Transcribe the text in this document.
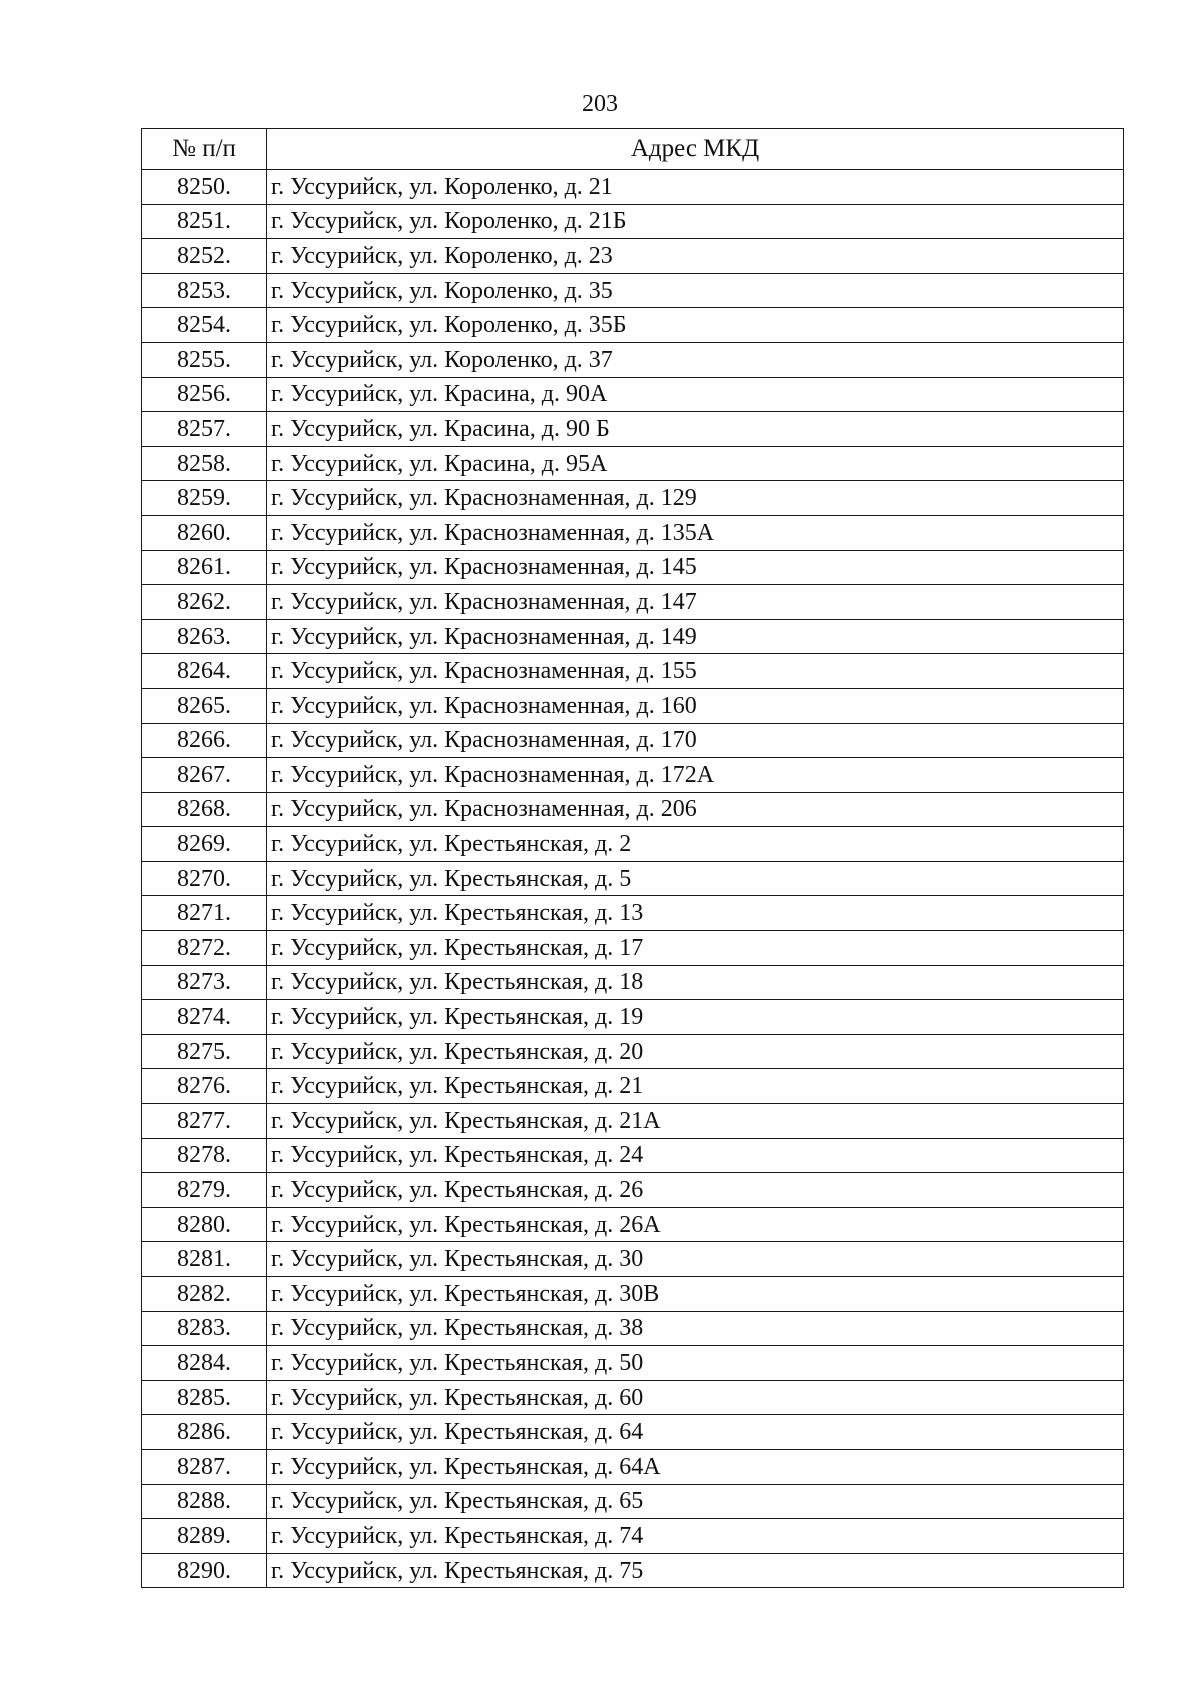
203
№ п/п	Адрес МКД
8250.	г. Уссурийск, ул. Короленко, д. 21
8251.	г. Уссурийск, ул. Короленко, д. 21Б
8252.	г. Уссурийск, ул. Короленко, д. 23
8253.	г. Уссурийск, ул. Короленко, д. 35
8254.	г. Уссурийск, ул. Короленко, д. 35Б
8255.	г. Уссурийск, ул. Короленко, д. 37
8256.	г. Уссурийск, ул. Красина, д. 90А
8257.	г. Уссурийск, ул. Красина, д. 90 Б
8258.	г. Уссурийск, ул. Красина, д. 95А
8259.	г. Уссурийск, ул. Краснознаменная, д. 129
8260.	г. Уссурийск, ул. Краснознаменная, д. 135А
8261.	г. Уссурийск, ул. Краснознаменная, д. 145
8262.	г. Уссурийск, ул. Краснознаменная, д. 147
8263.	г. Уссурийск, ул. Краснознаменная, д. 149
8264.	г. Уссурийск, ул. Краснознаменная, д. 155
8265.	г. Уссурийск, ул. Краснознаменная, д. 160
8266.	г. Уссурийск, ул. Краснознаменная, д. 170
8267.	г. Уссурийск, ул. Краснознаменная, д. 172А
8268.	г. Уссурийск, ул. Краснознаменная, д. 206
8269.	г. Уссурийск, ул. Крестьянская, д. 2
8270.	г. Уссурийск, ул. Крестьянская, д. 5
8271.	г. Уссурийск, ул. Крестьянская, д. 13
8272.	г. Уссурийск, ул. Крестьянская, д. 17
8273.	г. Уссурийск, ул. Крестьянская, д. 18
8274.	г. Уссурийск, ул. Крестьянская, д. 19
8275.	г. Уссурийск, ул. Крестьянская, д. 20
8276.	г. Уссурийск, ул. Крестьянская, д. 21
8277.	г. Уссурийск, ул. Крестьянская, д. 21А
8278.	г. Уссурийск, ул. Крестьянская, д. 24
8279.	г. Уссурийск, ул. Крестьянская, д. 26
8280.	г. Уссурийск, ул. Крестьянская, д. 26А
8281.	г. Уссурийск, ул. Крестьянская, д. 30
8282.	г. Уссурийск, ул. Крестьянская, д. 30В
8283.	г. Уссурийск, ул. Крестьянская, д. 38
8284.	г. Уссурийск, ул. Крестьянская, д. 50
8285.	г. Уссурийск, ул. Крестьянская, д. 60
8286.	г. Уссурийск, ул. Крестьянская, д. 64
8287.	г. Уссурийск, ул. Крестьянская, д. 64А
8288.	г. Уссурийск, ул. Крестьянская, д. 65
8289.	г. Уссурийск, ул. Крестьянская, д. 74
8290.	г. Уссурийск, ул. Крестьянская, д. 75
